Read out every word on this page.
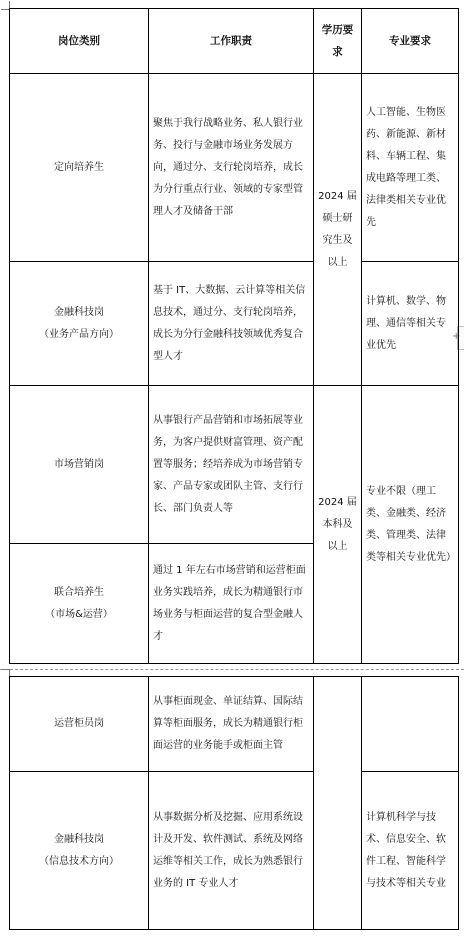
+
岗位类别	工作职责	学历要求	专业要求

定向培养生	聚焦于我行战略业务、私人银行业务、投行与金融市场业务发展方向，通过分、支行轮岗培养，成长为分行重点行业、领域的专家型管理人才及储备干部	2024 届硕士研究生及以上	人工智能、生物医药、新能源、新材料、车辆工程、集成电路等理工类、法律类相关专业优先

金融科技岗
（业务产品方向）	基于 IT、大数据、云计算等相关信息技术，通过分、支行轮岗培养，成长为分行金融科技领域优秀复合型人才		计算机、数学、物理、通信等相关专业优先

市场营销岗	从事银行产品营销和市场拓展等业务，为客户提供财富管理、资产配置等服务；经培养成为市场营销专家、产品专家或团队主管、支行行长、部门负责人等	2024 届本科及以上	专业不限（理工类、金融类、经济类、管理类、法律类等相关专业优先）

联合培养生
（市场&运营）	通过 1 年左右市场营销和运营柜面业务实践培养，成长为精通银行市场业务与柜面运营的复合型金融人才		
运营柜员岗	从事柜面现金、单证结算、国际结算等柜面服务，成长为精通银行柜面运营的业务能手或柜面主管		

金融科技岗
（信息技术方向）	从事数据分析及挖掘、应用系统设计及开发、软件测试、系统及网络运维等相关工作，成长为熟悉银行业务的 IT 专业人才		计算机科学与技术、信息安全、软件工程、智能科学与技术等相关专业
